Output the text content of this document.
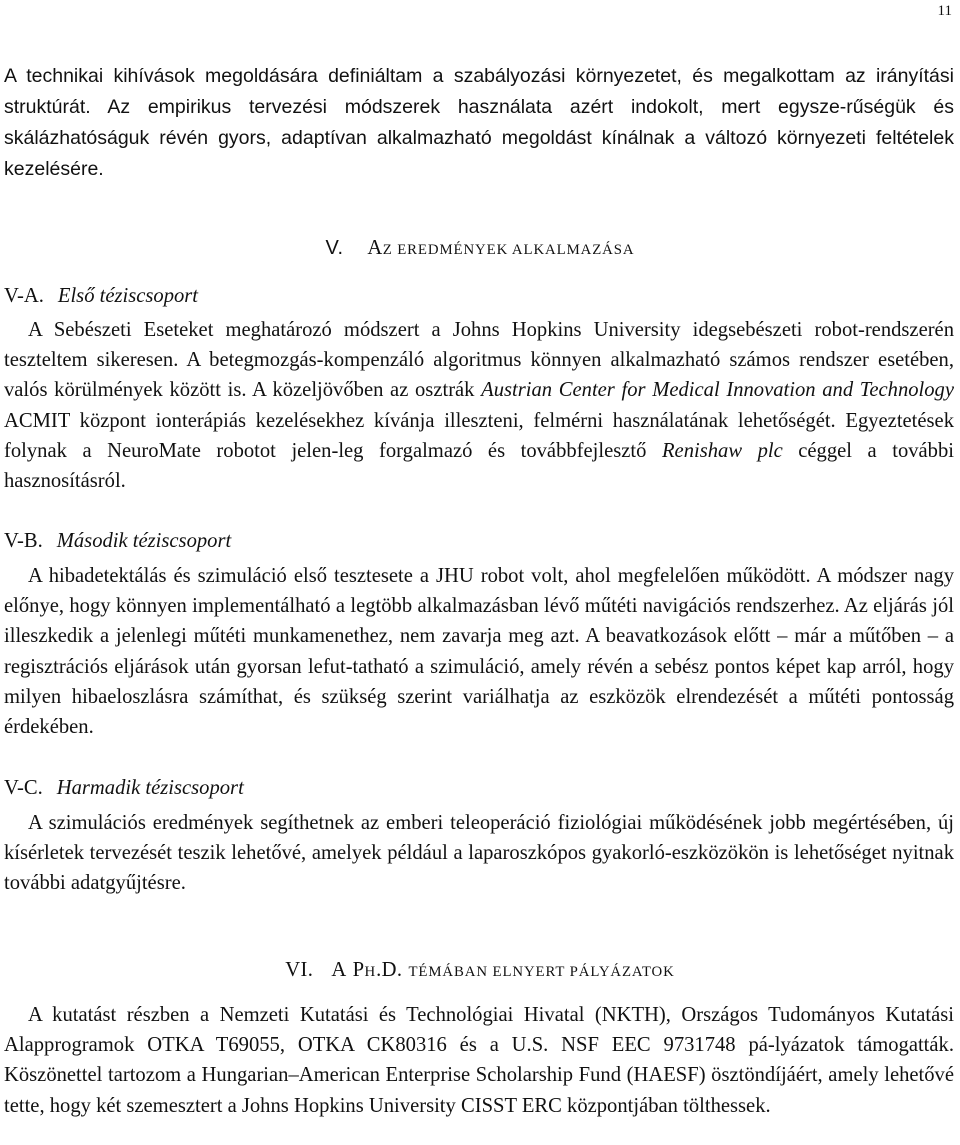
11

A technikai kihívások megoldására definiáltam a szabályozási környezetet, és megalkottam az irányítási struktúrát. Az empirikus tervezési módszerek használata azért indokolt, mert egysze-rűségük és skálázhatóságuk révén gyors, adaptívan alkalmazható megoldást kínálnak a változó környezeti feltételek kezelésére.

V. AZ EREDMÉNYEK ALKALMAZÁSA
V-A. Első téziscsoport

A Sebészeti Eseteket meghatározó módszert a Johns Hopkins University idegsebészeti robot-rendszerén teszteltem sikeresen. A betegmozgás-kompenzáló algoritmus könnyen alkalmazható számos rendszer esetében, valós körülmények között is. A közeljövőben az osztrák Austrian Center for Medical Innovation and Technology ACMIT központ ionterápiás kezelésekhez kívánja illeszteni, felmérni használatának lehetőségét. Egyeztetések folynak a NeuroMate robotot jelen-leg forgalmazó és továbbfejlesztő Renishaw plc céggel a további hasznosításról.

V-B. Második téziscsoport

A hibadetektálás és szimuláció első tesztesete a JHU robot volt, ahol megfelelően működött. A módszer nagy előnye, hogy könnyen implementálható a legtöbb alkalmazásban lévő műtéti navigációs rendszerhez. Az eljárás jól illeszkedik a jelenlegi műtéti munkamenethez, nem zavarja meg azt. A beavatkozások előtt – már a műtőben – a regisztrációs eljárások után gyorsan lefut-tatható a szimuláció, amely révén a sebész pontos képet kap arról, hogy milyen hibaeloszlásra számíthat, és szükség szerint variálhatja az eszközök elrendezését a műtéti pontosság érdekében.

V-C. Harmadik téziscsoport

A szimulációs eredmények segíthetnek az emberi teleoperáció fiziológiai működésének jobb megértésében, új kísérletek tervezését teszik lehetővé, amelyek például a laparoszkópos gyakorló-eszközökön is lehetőséget nyitnak további adatgyűjtésre.

VI. A PH.D. TÉMÁBAN ELNYERT PÁLYÁZATOK

A kutatást részben a Nemzeti Kutatási és Technológiai Hivatal (NKTH), Országos Tudományos Kutatási Alapprogramok OTKA T69055, OTKA CK80316 és a U.S. NSF EEC 9731748 pá-lyázatok támogatták. Köszönettel tartozom a Hungarian–American Enterprise Scholarship Fund (HAESF) ösztöndíjáért, amely lehetővé tette, hogy két szemesztert a Johns Hopkins University CISST ERC központjában tölthessek.
